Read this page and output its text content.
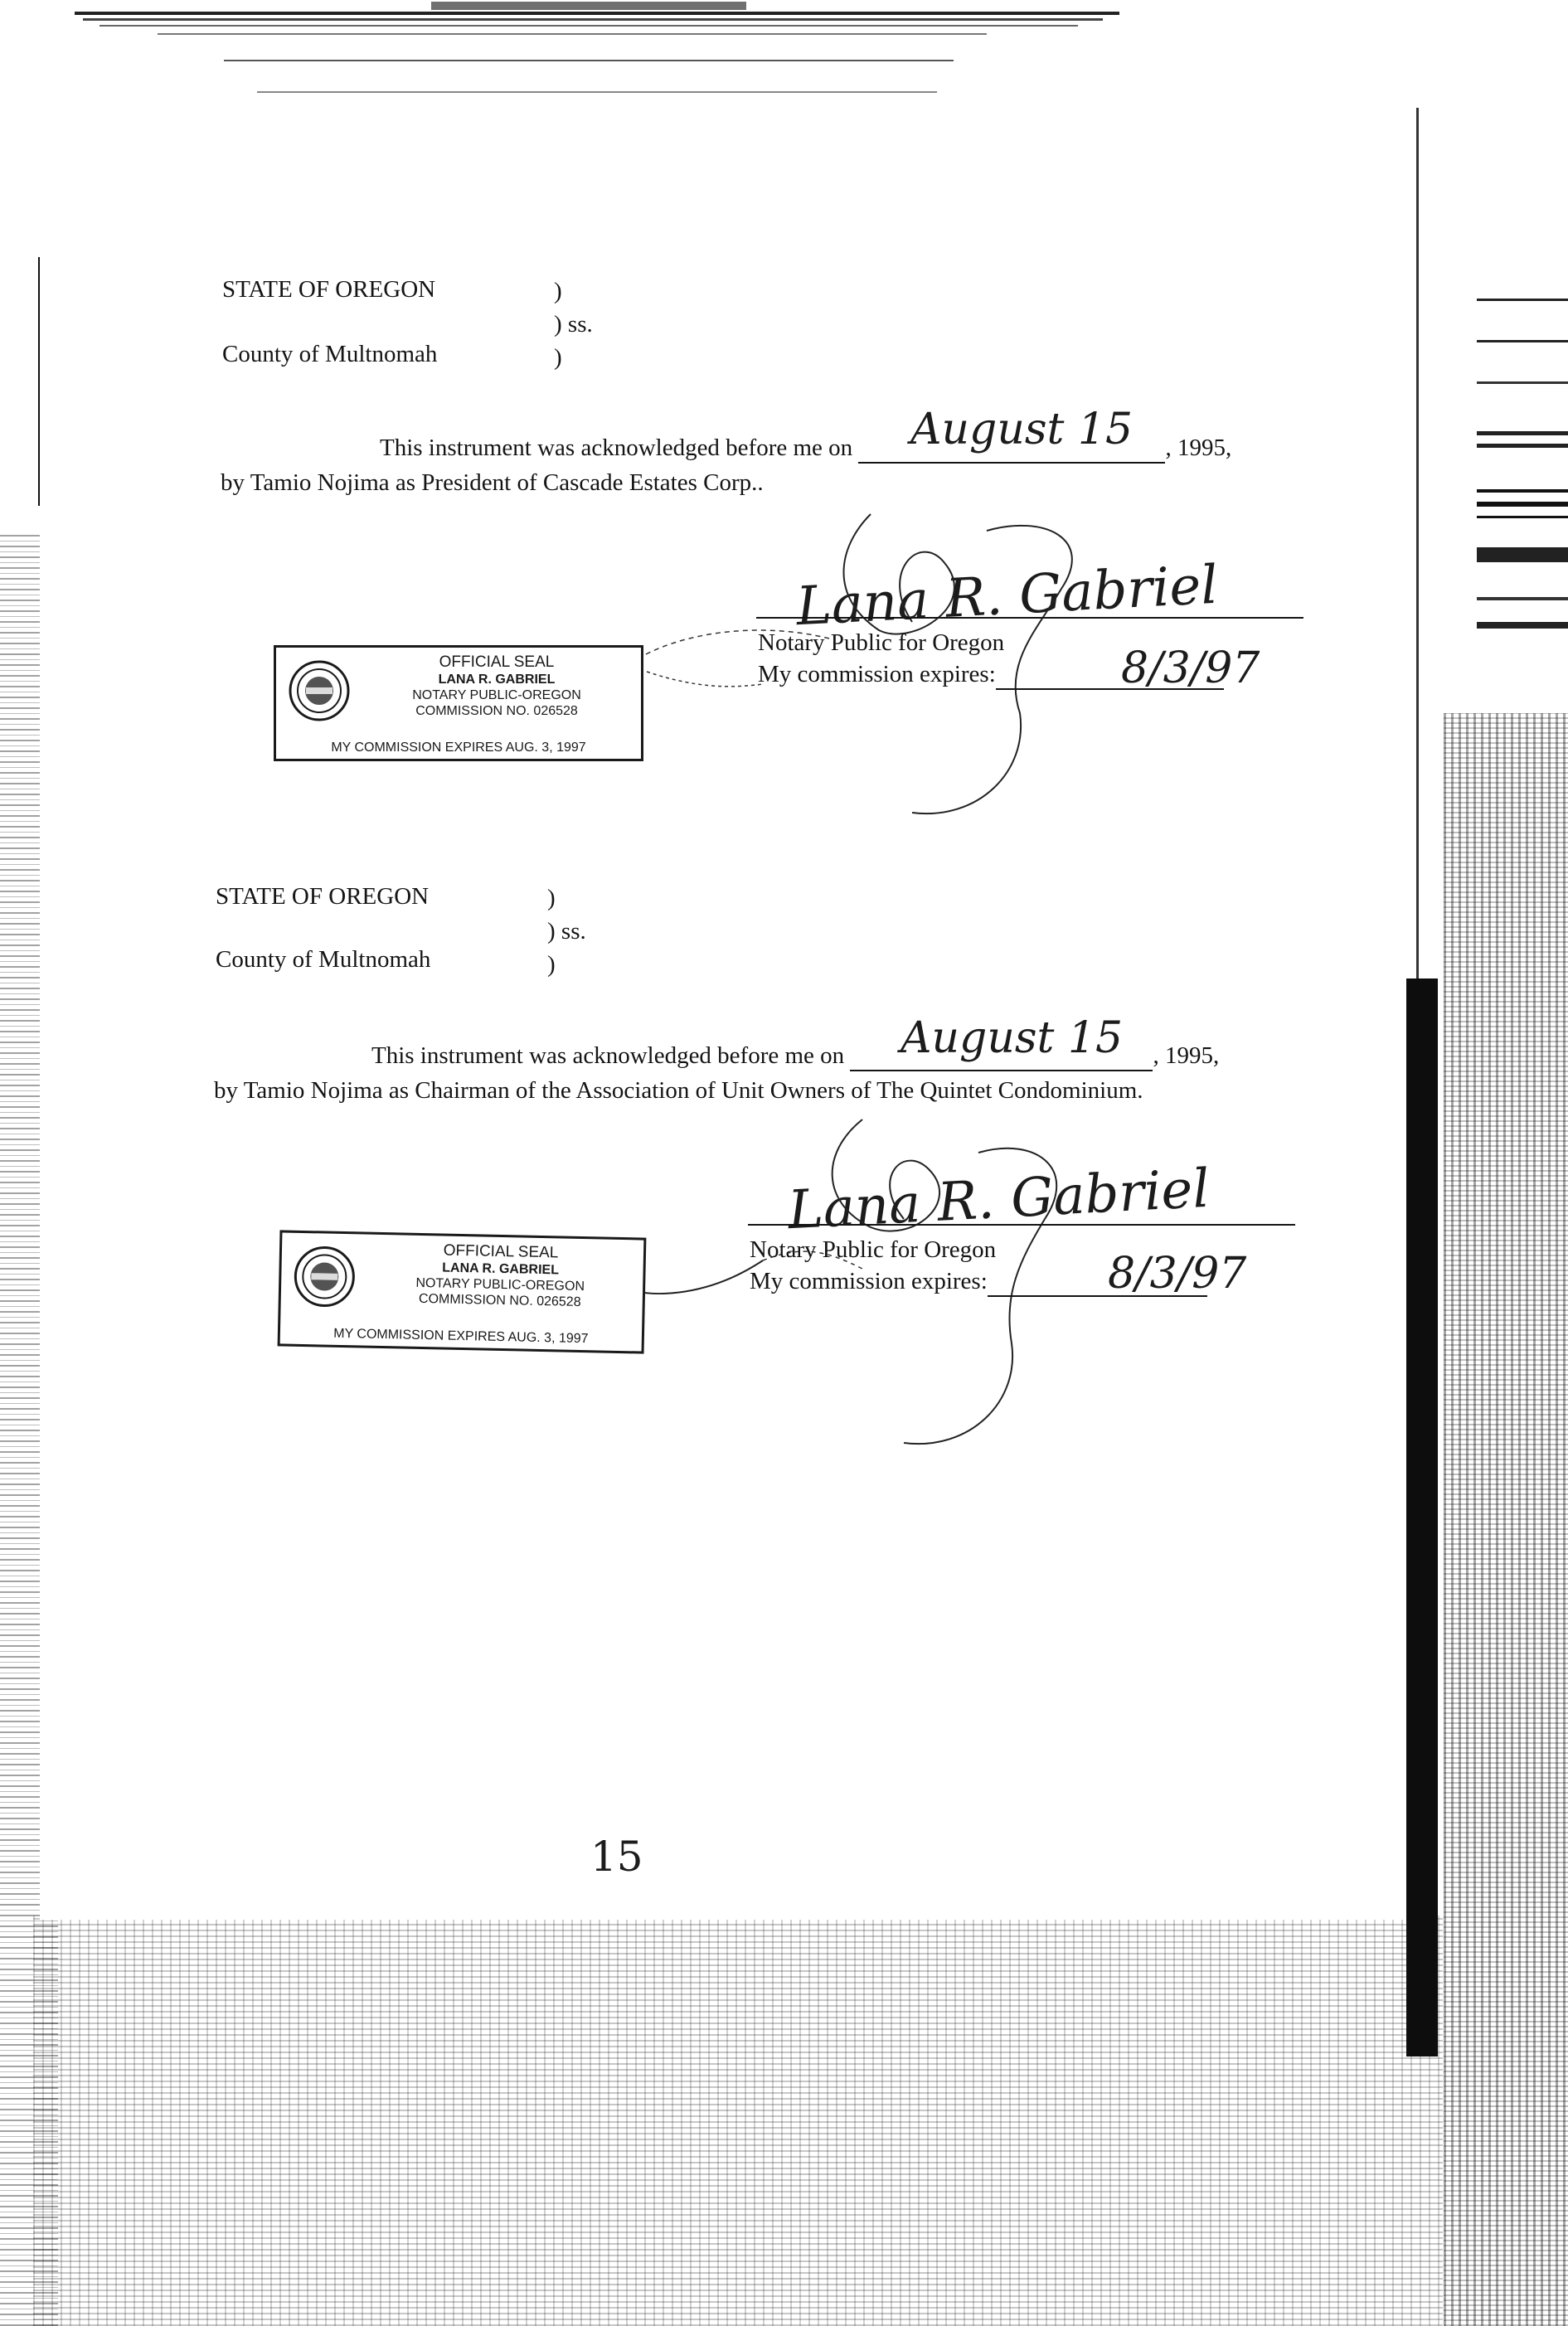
STATE OF OREGON	)
) ss.
)
County of Multnomah
This instrument was acknowledged before me on	, 1995,
August 15
by Tamio Nojima as President of Cascade Estates Corp..
Lana R. Gabriel
Notary Public for Oregon
My commission expires:	8/3/97
OFFICIAL SEAL
LANA R. GABRIEL
NOTARY PUBLIC-OREGON
COMMISSION NO. 026528
MY COMMISSION EXPIRES AUG. 3, 1997
STATE OF OREGON	)
) ss.
)
County of Multnomah
This instrument was acknowledged before me on	, 1995,
August 15
by Tamio Nojima as Chairman of the Association of Unit Owners of The Quintet Condominium.
Lana R. Gabriel
Notary Public for Oregon
My commission expires:	8/3/97
OFFICIAL SEAL
LANA R. GABRIEL
NOTARY PUBLIC-OREGON
COMMISSION NO. 026528
MY COMMISSION EXPIRES AUG. 3, 1997
15
